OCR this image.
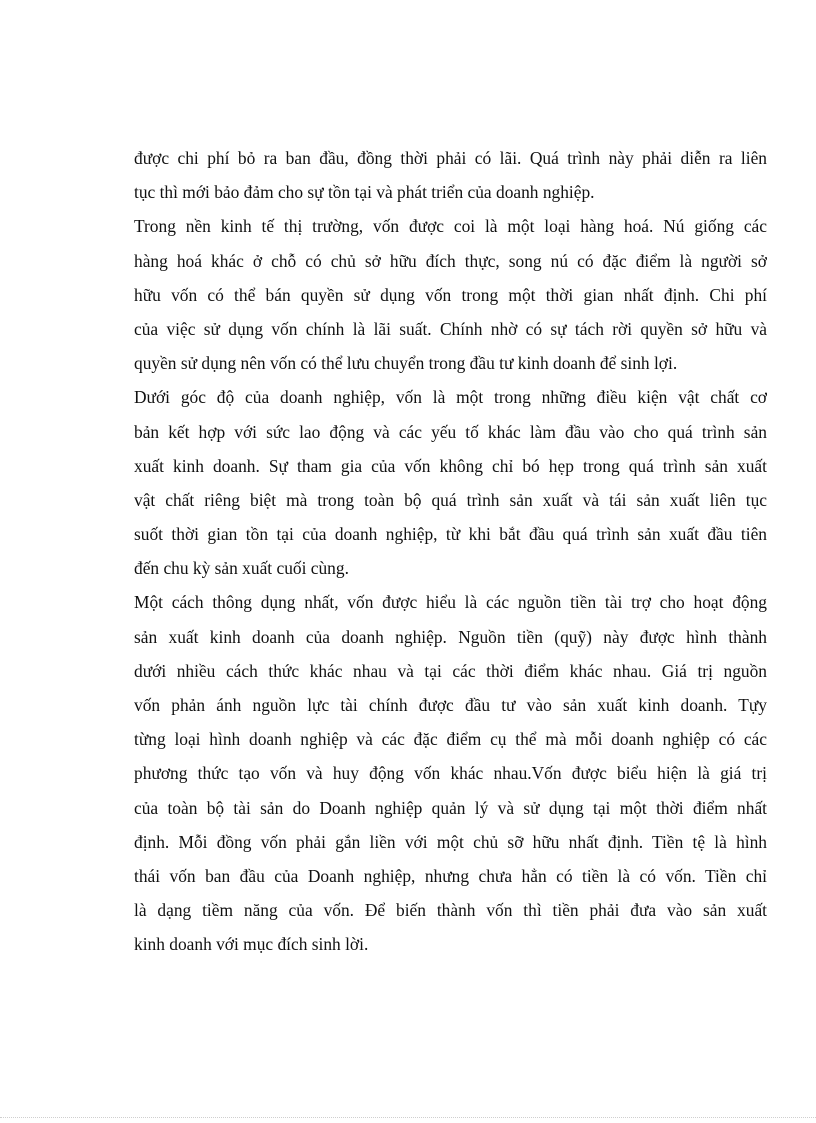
được chi phí bỏ ra ban đầu, đồng thời phải có lãi. Quá trình này phải diễn ra liên
tục thì mới bảo đảm cho sự tồn tại và phát triển của doanh nghiệp.
Trong nền kinh tế thị trường, vốn được coi là một loại hàng hoá. Nú giống các
hàng hoá khác ở chỗ có chủ sở hữu đích thực, song nú có đặc điểm là người sở
hữu vốn có thể bán quyền sử dụng vốn trong một thời gian nhất định. Chi phí
của việc sử dụng vốn chính là lãi suất. Chính nhờ có sự tách rời quyền sở hữu và
quyền sử dụng nên vốn có thể lưu chuyển trong đầu tư kinh doanh để sinh lợi.
Dưới góc độ của doanh nghiệp, vốn là một trong những điều kiện vật chất cơ
bản kết hợp với sức lao động và các yếu tố khác làm đầu vào cho quá trình sản
xuất kinh doanh. Sự tham gia của vốn không chỉ bó hẹp trong quá trình sản xuất
vật chất riêng biệt mà trong toàn bộ quá trình sản xuất và tái sản xuất liên tục
suốt thời gian tồn tại của doanh nghiệp, từ khi bắt đầu quá trình sản xuất đầu tiên
đến chu kỳ sản xuất cuối cùng.
Một cách thông dụng nhất, vốn được hiểu là các nguồn tiền tài trợ cho hoạt động
sản xuất kinh doanh của doanh nghiệp. Nguồn tiền (quỹ) này được hình thành
dưới nhiều cách thức khác nhau và tại các thời điểm khác nhau. Giá trị nguồn
vốn phản ánh nguồn lực tài chính được đầu tư vào sản xuất kinh doanh. Tựy
từng loại hình doanh nghiệp và các đặc điểm cụ thể mà mỗi doanh nghiệp có các
phương thức tạo vốn và huy động vốn khác nhau.Vốn được biểu hiện là giá trị
của toàn bộ tài sản do Doanh nghiệp quản lý và sử dụng tại một thời điểm nhất
định. Mỗi đồng vốn phải gắn liền với một chủ sỡ hữu nhất định. Tiền tệ là hình
thái vốn ban đầu của Doanh nghiệp, nhưng chưa hẳn có tiền là có vốn. Tiền chỉ
là dạng tiềm năng của vốn. Để biến thành vốn thì tiền phải đưa vào sản xuất
kinh doanh với mục đích sinh lời.
